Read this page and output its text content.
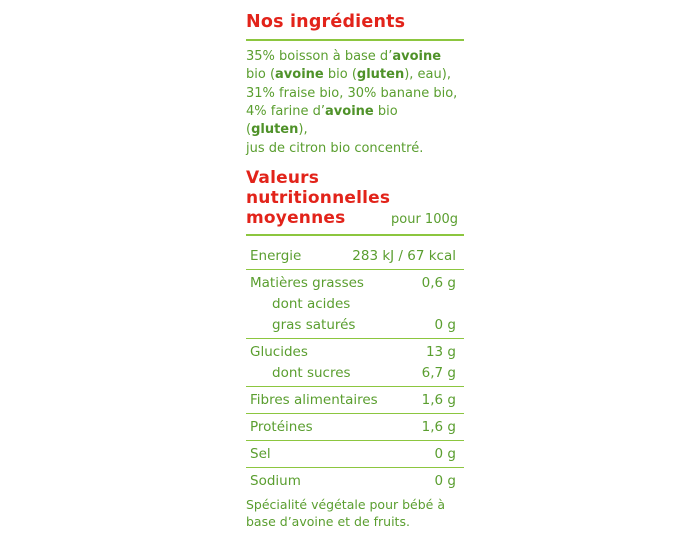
Nos ingrédients
35% boisson à base d’avoine
bio (avoine bio (gluten), eau),
31% fraise bio, 30% banane bio,
4% farine d’avoine bio (gluten),
jus de citron bio concentré.
Valeurs nutritionnelles
moyennes	pour 100g
Energie	283 kJ / 67 kcal
Matières grasses	0,6 g
dont acides
gras saturés	0 g
Glucides	13 g
dont sucres	6,7 g
Fibres alimentaires	1,6 g
Protéines	1,6 g
Sel	0 g
Sodium	0 g
Spécialité végétale pour bébé à
base d’avoine et de fruits.
